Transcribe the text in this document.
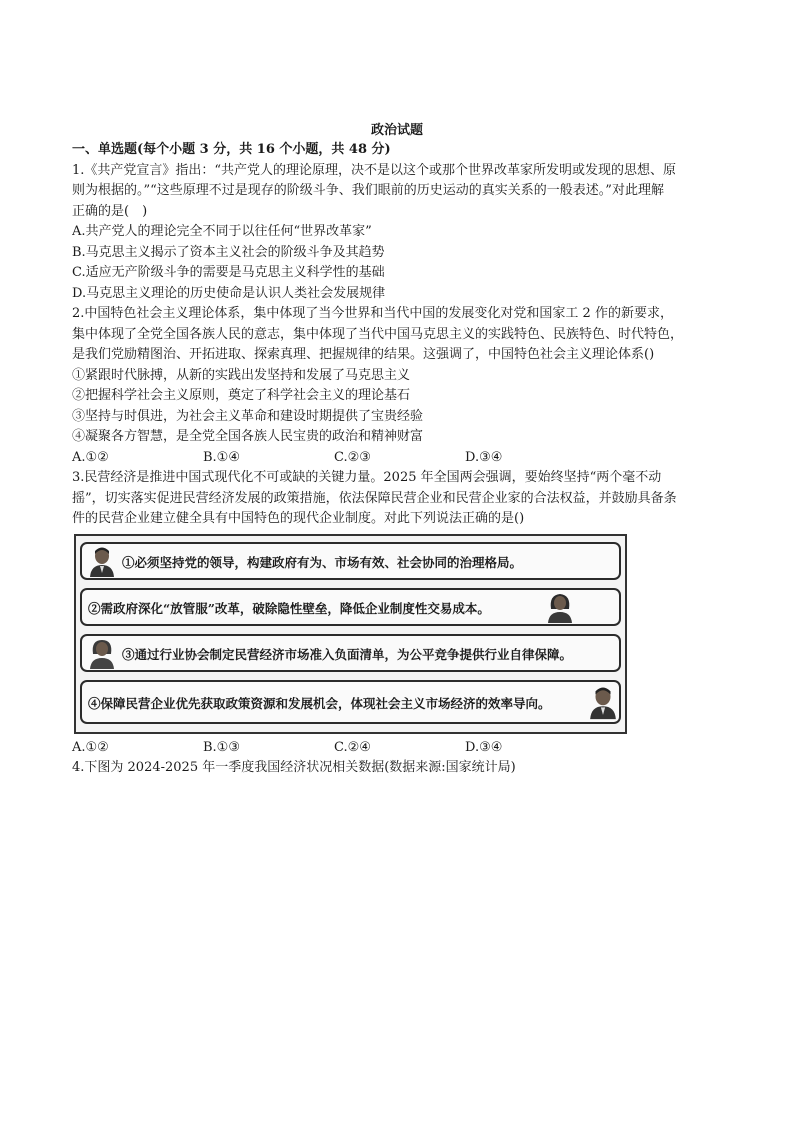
政治试题
一、单选题(每个小题 3 分，共 16 个小题，共 48 分)
1.《共产党宣言》指出：“共产党人的理论原理，决不是以这个或那个世界改革家所发明或发现的思想、原
则为根据的。”“这些原理不过是现存的阶级斗争、我们眼前的历史运动的真实关系的一般表述。”对此理解
正确的是(　)
A.共产党人的理论完全不同于以往任何“世界改革家”
B.马克思主义揭示了资本主义社会的阶级斗争及其趋势
C.适应无产阶级斗争的需要是马克思主义科学性的基础
D.马克思主义理论的历史使命是认识人类社会发展规律
2.中国特色社会主义理论体系，集中体现了当今世界和当代中国的发展变化对党和国家工 2 作的新要求，
集中体现了全党全国各族人民的意志，集中体现了当代中国马克思主义的实践特色、民族特色、时代特色，
是我们党励精图治、开拓进取、探索真理、把握规律的结果。这强调了，中国特色社会主义理论体系()
①紧跟时代脉搏，从新的实践出发坚持和发展了马克思主义
②把握科学社会主义原则，奠定了科学社会主义的理论基石
③坚持与时俱进，为社会主义革命和建设时期提供了宝贵经验
④凝聚各方智慧，是全党全国各族人民宝贵的政治和精神财富
A.①②	B.①④	C.②③	D.③④
3.民营经济是推进中国式现代化不可或缺的关键力量。2025 年全国两会强调，要始终坚持“两个毫不动
摇”，切实落实促进民营经济发展的政策措施，依法保障民营企业和民营企业家的合法权益，并鼓励具备条
件的民营企业建立健全具有中国特色的现代企业制度。对此下列说法正确的是()
①必须坚持党的领导，构建政府有为、市场有效、社会协同的治理格局。
②需政府深化“放管服”改革，破除隐性壁垒，降低企业制度性交易成本。
③通过行业协会制定民营经济市场准入负面清单，为公平竞争提供行业自律保障。
④保障民营企业优先获取政策资源和发展机会，体现社会主义市场经济的效率导向。
A.①②	B.①③	C.②④	D.③④
4.下图为 2024-2025 年一季度我国经济状况相关数据(数据来源:国家统计局)
